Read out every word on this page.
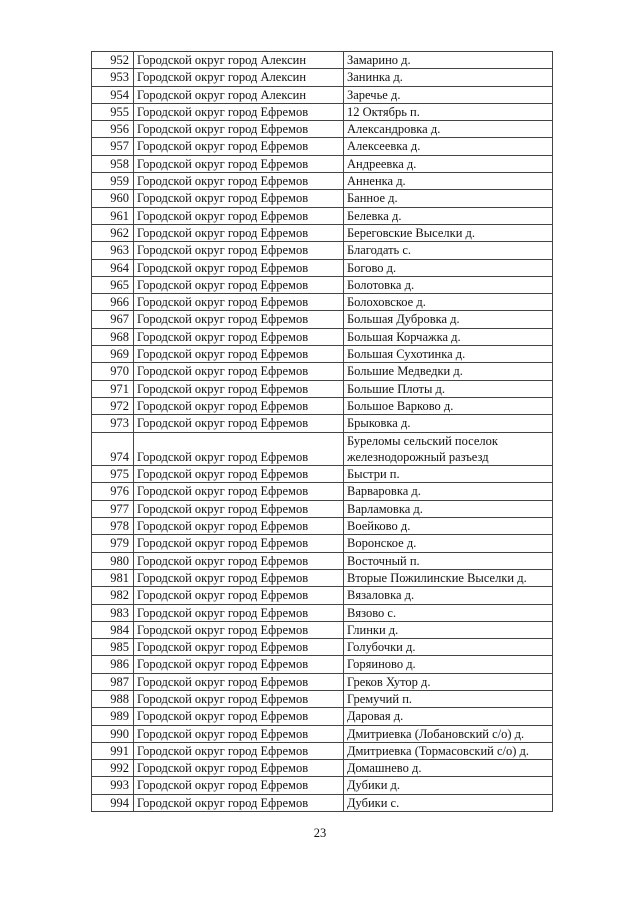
952	Городской округ город Алексин	Замарино д.
953	Городской округ город Алексин	Занинка д.
954	Городской округ город Алексин	Заречье д.
955	Городской округ город Ефремов	12 Октябрь п.
956	Городской округ город Ефремов	Александровка д.
957	Городской округ город Ефремов	Алексеевка д.
958	Городской округ город Ефремов	Андреевка д.
959	Городской округ город Ефремов	Анненка д.
960	Городской округ город Ефремов	Банное д.
961	Городской округ город Ефремов	Белевка д.
962	Городской округ город Ефремов	Береговские Выселки д.
963	Городской округ город Ефремов	Благодать с.
964	Городской округ город Ефремов	Богово д.
965	Городской округ город Ефремов	Болотовка д.
966	Городской округ город Ефремов	Болоховское д.
967	Городской округ город Ефремов	Большая Дубровка д.
968	Городской округ город Ефремов	Большая Корчажка д.
969	Городской округ город Ефремов	Большая Сухотинка д.
970	Городской округ город Ефремов	Большие Медведки д.
971	Городской округ город Ефремов	Большие Плоты д.
972	Городской округ город Ефремов	Большое Варково д.
973	Городской округ город Ефремов	Брыковка д.
974	Городской округ город Ефремов	Буреломы сельский поселок железнодорожный разъезд
975	Городской округ город Ефремов	Быстри п.
976	Городской округ город Ефремов	Варваровка д.
977	Городской округ город Ефремов	Варламовка д.
978	Городской округ город Ефремов	Воейково д.
979	Городской округ город Ефремов	Воронское д.
980	Городской округ город Ефремов	Восточный п.
981	Городской округ город Ефремов	Вторые Пожилинские Выселки д.
982	Городской округ город Ефремов	Вязаловка д.
983	Городской округ город Ефремов	Вязово с.
984	Городской округ город Ефремов	Глинки д.
985	Городской округ город Ефремов	Голубочки д.
986	Городской округ город Ефремов	Горяиново д.
987	Городской округ город Ефремов	Греков Хутор д.
988	Городской округ город Ефремов	Гремучий п.
989	Городской округ город Ефремов	Даровая д.
990	Городской округ город Ефремов	Дмитриевка (Лобановский с/о) д.
991	Городской округ город Ефремов	Дмитриевка (Тормасовский с/о) д.
992	Городской округ город Ефремов	Домашнево д.
993	Городской округ город Ефремов	Дубики д.
994	Городской округ город Ефремов	Дубики с.
23
